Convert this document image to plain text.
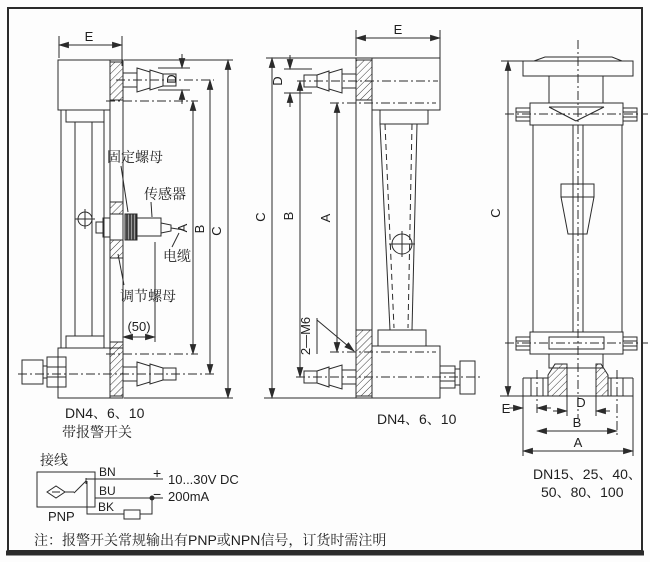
E
D
A B C
(50)
固定螺母
传感器
电缆
调节螺母
DN4、6、10
带报警开关
E
D
C B A
2—M6
DN4、6、10
C
E	D
B
A
DN15、25、40、
50、80、100
接线
BN
BU
BK
PNP
+
−
10...30V DC
200mA
注：报警开关常规输出有PNP或NPN信号，订货时需注明
